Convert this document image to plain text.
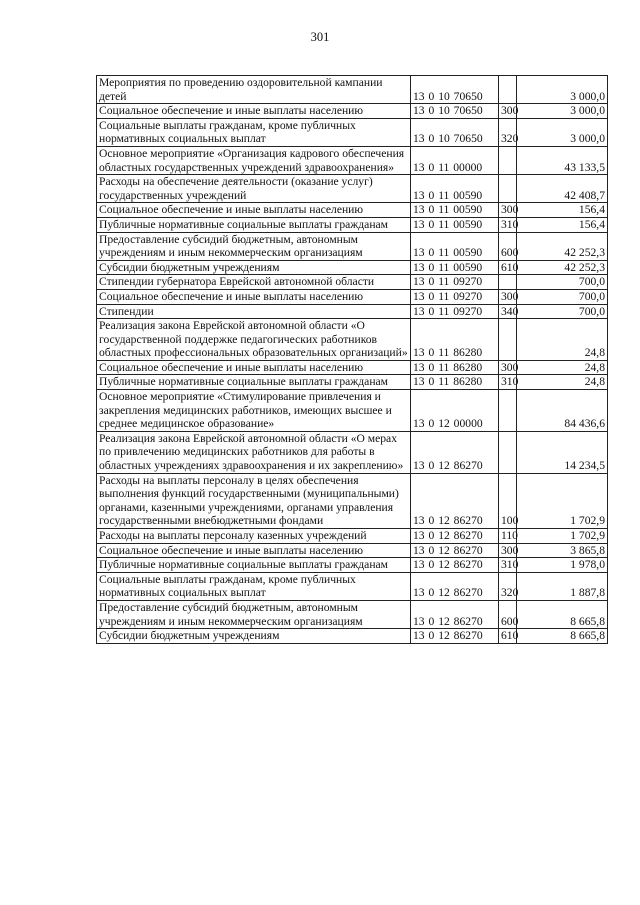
301
Мероприятия по проведению оздоровительной кампании детей	13 0 10 70650		3 000,0
Социальное обеспечение и иные выплаты населению	13 0 10 70650	300	3 000,0
Социальные выплаты гражданам, кроме публичных нормативных социальных выплат	13 0 10 70650	320	3 000,0
Основное мероприятие «Организация кадрового обеспечения областных государственных учреждений здравоохранения»	13 0 11 00000		43 133,5
Расходы на обеспечение деятельности (оказание услуг) государственных учреждений	13 0 11 00590		42 408,7
Социальное обеспечение и иные выплаты населению	13 0 11 00590	300	156,4
Публичные нормативные социальные выплаты гражданам	13 0 11 00590	310	156,4
Предоставление субсидий бюджетным, автономным учреждениям и иным некоммерческим организациям	13 0 11 00590	600	42 252,3
Субсидии бюджетным учреждениям	13 0 11 00590	610	42 252,3
Стипендии губернатора Еврейской автономной области	13 0 11 09270		700,0
Социальное обеспечение и иные выплаты населению	13 0 11 09270	300	700,0
Стипендии	13 0 11 09270	340	700,0
Реализация закона Еврейской автономной области «О государственной поддержке педагогических работников областных профессиональных образовательных организаций»	13 0 11 86280		24,8
Социальное обеспечение и иные выплаты населению	13 0 11 86280	300	24,8
Публичные нормативные социальные выплаты гражданам	13 0 11 86280	310	24,8
Основное мероприятие «Стимулирование привлечения и закрепления медицинских работников, имеющих высшее и среднее медицинское образование»	13 0 12 00000		84 436,6
Реализация закона Еврейской автономной области «О мерах по привлечению медицинских работников для работы в областных учреждениях здравоохранения и их закреплению»	13 0 12 86270		14 234,5
Расходы на выплаты персоналу в целях обеспечения выполнения функций государственными (муниципальными) органами, казенными учреждениями, органами управления государственными внебюджетными фондами	13 0 12 86270	100	1 702,9
Расходы на выплаты персоналу казенных учреждений	13 0 12 86270	110	1 702,9
Социальное обеспечение и иные выплаты населению	13 0 12 86270	300	3 865,8
Публичные нормативные социальные выплаты гражданам	13 0 12 86270	310	1 978,0
Социальные выплаты гражданам, кроме публичных нормативных социальных выплат	13 0 12 86270	320	1 887,8
Предоставление субсидий бюджетным, автономным учреждениям и иным некоммерческим организациям	13 0 12 86270	600	8 665,8
Субсидии бюджетным учреждениям	13 0 12 86270	610	8 665,8
